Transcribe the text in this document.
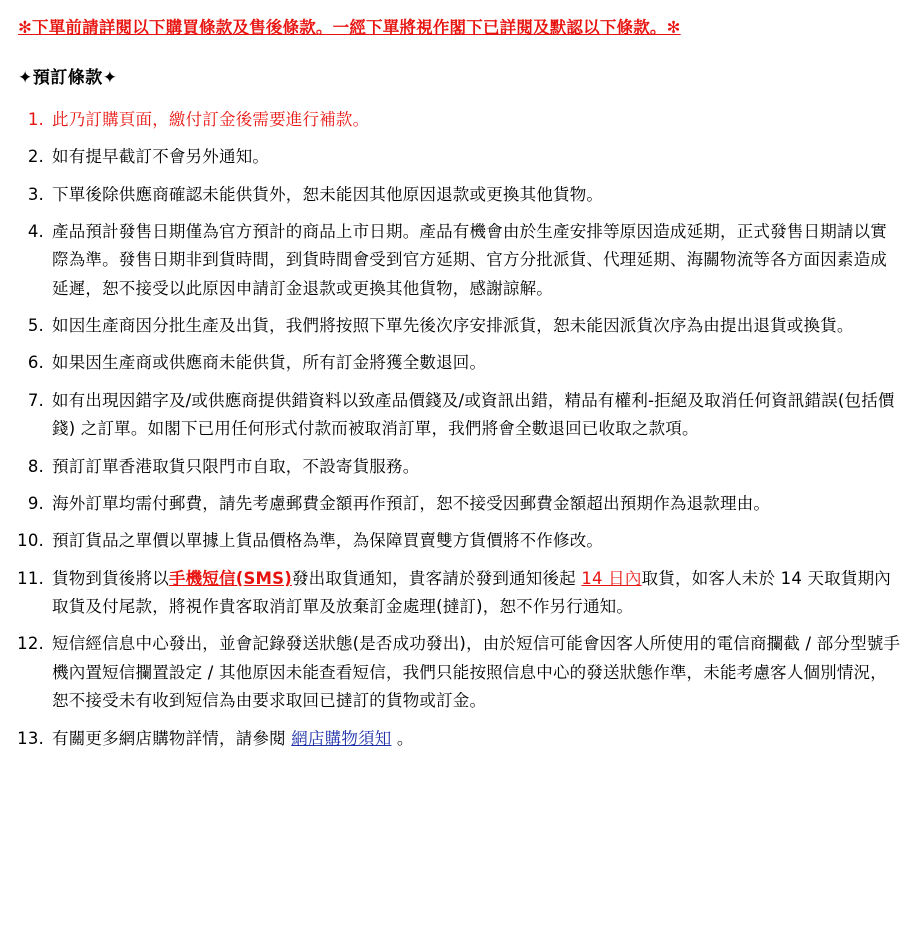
✻下單前請詳閱以下購買條款及售後條款。一經下單將視作閣下已詳閱及默認以下條款。✻
✦預訂條款✦
此乃訂購頁面，繳付訂金後需要進行補款。
如有提早截訂不會另外通知。
下單後除供應商確認未能供貨外，恕未能因其他原因退款或更換其他貨物。
產品預計發售日期僅為官方預計的商品上市日期。產品有機會由於生產安排等原因造成延期，正式發售日期請以實際為準。發售日期非到貨時間，到貨時間會受到官方延期、官方分批派貨、代理延期、海關物流等各方面因素造成延遲，恕不接受以此原因申請訂金退款或更換其他貨物，感謝諒解。
如因生產商因分批生產及出貨，我們將按照下單先後次序安排派貨，恕未能因派貨次序為由提出退貨或換貨。
如果因生產商或供應商未能供貨，所有訂金將獲全數退回。
如有出現因錯字及/或供應商提供錯資料以致產品價錢及/或資訊出錯，精品有權利-拒絕及取消任何資訊錯誤(包括價錢) 之訂單。如閣下已用任何形式付款而被取消訂單，我們將會全數退回已收取之款項。
預訂訂單香港取貨只限門市自取，不設寄貨服務。
海外訂單均需付郵費，請先考慮郵費金額再作預訂，恕不接受因郵費金額超出預期作為退款理由。
預訂貨品之單價以單據上貨品價格為準，為保障買賣雙方貨價將不作修改。
貨物到貨後將以手機短信(SMS)發出取貨通知，貴客請於發到通知後起 14 日內取貨，如客人未於 14 天取貨期內取貨及付尾款，將視作貴客取消訂單及放棄訂金處理(撻訂)，恕不作另行通知。
短信經信息中心發出，並會記錄發送狀態(是否成功發出)，由於短信可能會因客人所使用的電信商攔截 / 部分型號手機內置短信攔置設定 / 其他原因未能查看短信，我們只能按照信息中心的發送狀態作準，未能考慮客人個別情況，恕不接受未有收到短信為由要求取回已撻訂的貨物或訂金。
有關更多網店購物詳情，請參閱 網店購物須知 。
